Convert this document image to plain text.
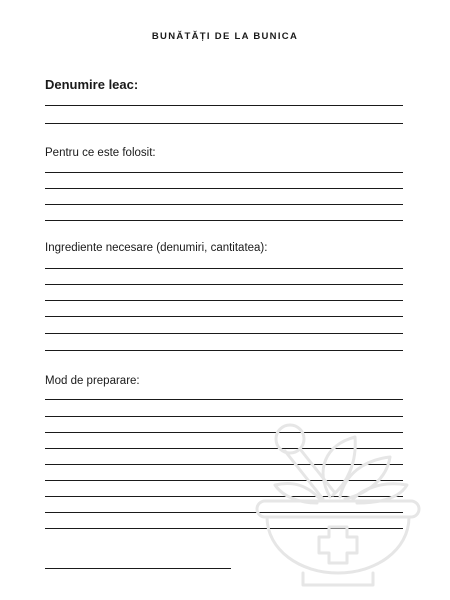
BUNĂTĂȚI DE LA BUNICA
Denumire leac:
Pentru ce este folosit:
Ingrediente necesare (denumiri, cantitatea):
Mod de preparare:
